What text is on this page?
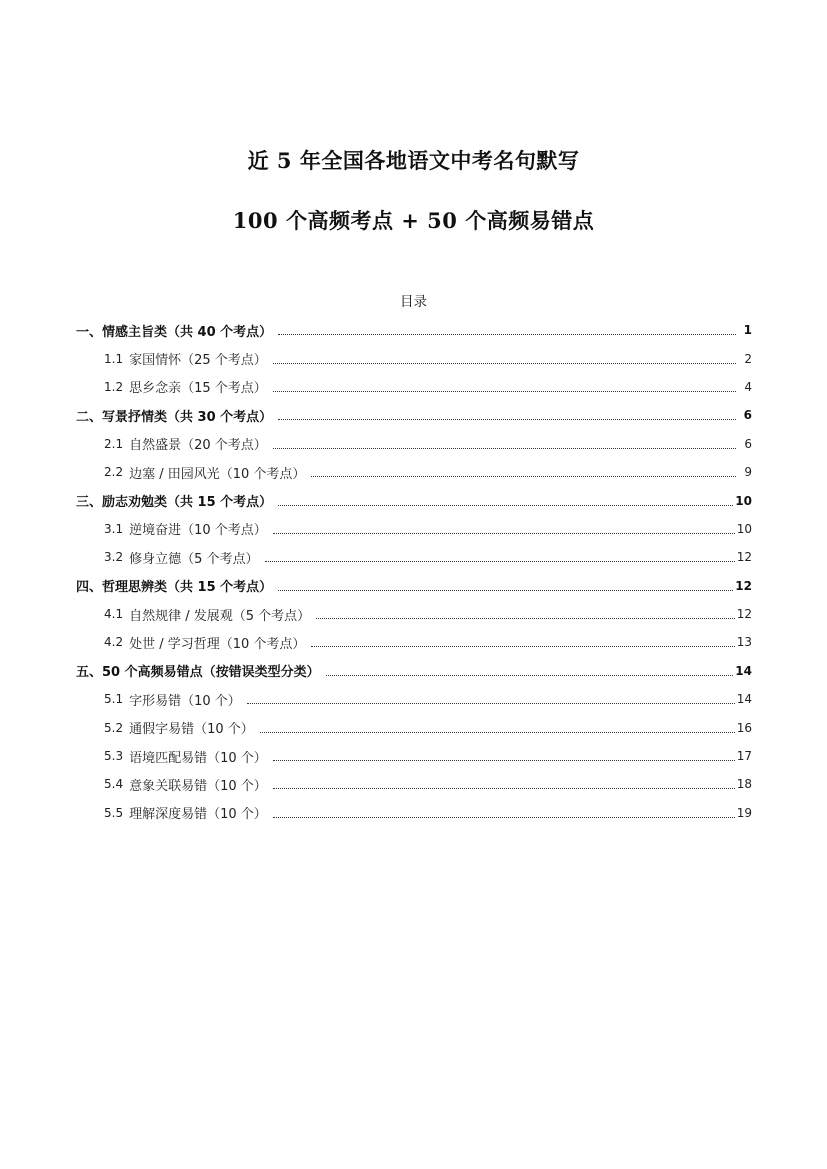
近 5 年全国各地语文中考名句默写
100 个高频考点 + 50 个高频易错点
目录
一、情感主旨类（共 40 个考点）	1
1.1 家国情怀（25 个考点）	2
1.2 思乡念亲（15 个考点）	4
二、写景抒情类（共 30 个考点）	6
2.1 自然盛景（20 个考点）	6
2.2 边塞 / 田园风光（10 个考点）	9
三、励志劝勉类（共 15 个考点）	10
3.1 逆境奋进（10 个考点）	10
3.2 修身立德（5 个考点）	12
四、哲理思辨类（共 15 个考点）	12
4.1 自然规律 / 发展观（5 个考点）	12
4.2 处世 / 学习哲理（10 个考点）	13
五、50 个高频易错点（按错误类型分类）	14
5.1 字形易错（10 个）	14
5.2 通假字易错（10 个）	16
5.3 语境匹配易错（10 个）	17
5.4 意象关联易错（10 个）	18
5.5 理解深度易错（10 个）	19
